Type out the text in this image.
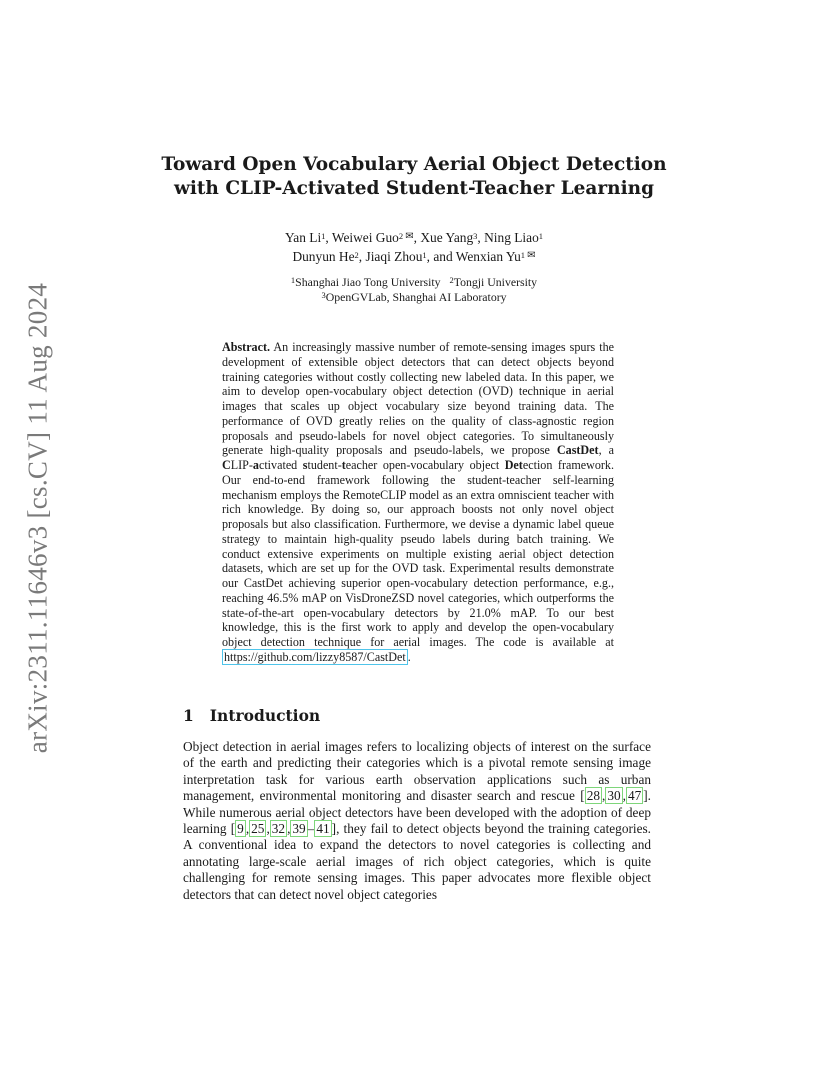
arXiv:2311.11646v3 [cs.CV] 11 Aug 2024
Toward Open Vocabulary Aerial Object Detection
with CLIP-Activated Student-Teacher Learning
Yan Li$^1$, Weiwei Guo$^{2 ✉}$, Xue Yang$^3$, Ning Liao$^1$
Dunyun He$^2$, Jiaqi Zhou$^1$, and Wenxian $Yu^{1 ✉}$
$^1$Shanghai Jiao Tong University $^2$Tongji University
$^3$OpenGVLab, Shanghai AI Laboratory
Abstract. An increasingly massive number of remote-sensing images spurs the development of extensible object detectors that can detect objects beyond training categories without costly collecting new labeled data. In this paper, we aim to develop open-vocabulary object detection (OVD) technique in aerial images that scales up object vocabulary size beyond training data. The performance of OVD greatly relies on the quality of class-agnostic region proposals and pseudo-labels for novel object categories. To simultaneously generate high-quality proposals and pseudo-labels, we propose CastDet, a CLIP-activated student-teacher open-vocabulary object Detection framework. Our end-to-end framework following the student-teacher self-learning mechanism employs the RemoteCLIP model as an extra omniscient teacher with rich knowledge. By doing so, our approach boosts not only novel object proposals but also classification. Furthermore, we devise a dynamic label queue strategy to maintain high-quality pseudo labels during batch training. We conduct extensive experiments on multiple existing aerial object detection datasets, which are set up for the OVD task. Experimental results demonstrate our CastDet achieving superior open-vocabulary detection performance, e.g., reaching 46.5% mAP on VisDroneZSD novel categories, which outperforms the state-of-the-art open-vocabulary detectors by 21.0% mAP. To our best knowledge, this is the first work to apply and develop the open-vocabulary object detection technique for aerial images. The code is available at https://github.com/lizzy8587/CastDet .
1 Introduction
Object detection in aerial images refers to localizing objects of interest on the surface of the earth and predicting their categories which is a pivotal remote sensing image interpretation task for various earth observation applications such as urban management, environmental monitoring and disaster search and rescue [ 28 , 30 , 47 ]. While numerous aerial object detectors have been developed with the adoption of deep learning [ 9 , 25 , 32 , 39 – 41 ], they fail to detect objects beyond the training categories. A conventional idea to expand the detectors to novel categories is collecting and annotating large-scale aerial images of rich object categories, which is quite challenging for remote sensing images. This paper advocates more flexible object detectors that can detect novel object categories
